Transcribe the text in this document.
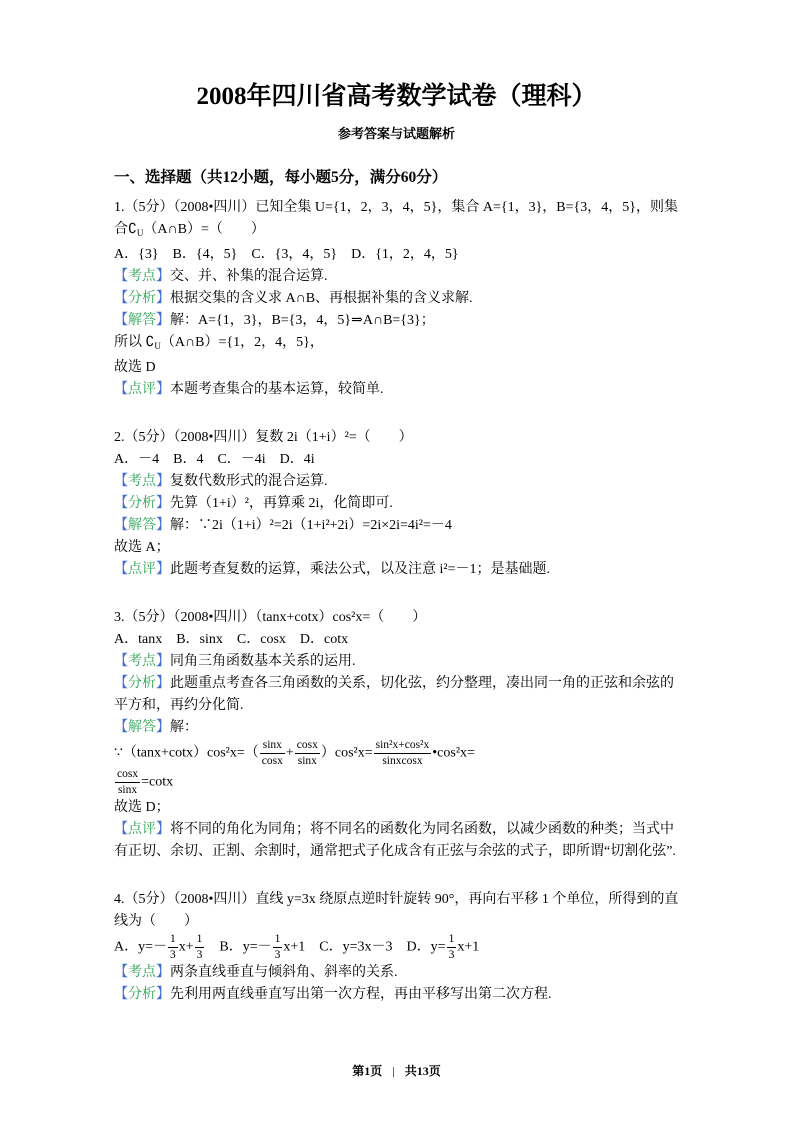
2008年四川省高考数学试卷（理科）
参考答案与试题解析
一、选择题（共12小题，每小题5分，满分60分）

1.（5分）（2008•四川）已知全集 U={1，2，3，4，5}，集合 A={1，3}，B={3，4，5}，则集合$∁_U(A\cap B)=$（　　）

A．{3}　B．{4，5}　C．{3，4，5}　D．{1，2，4，5}

【考点】交、并、补集的混合运算.

【分析】根据交集的含义求 A∩B、再根据补集的含义求解.

【解答】解：A={1，3}，B={3，4，5}⇒A∩B={3}；

所以 $∁_U(A\cap B)=\{1$，2，4，5}，

故选 D

【点评】本题考查集合的基本运算，较简单.

2.（5分）（2008•四川）复数 2i（1+i）²=（　　）

A．－4　B．4　C．－4i　D．4i

【考点】复数代数形式的混合运算.

【分析】先算（1+i）²，再算乘 2i，化简即可.

【解答】解：∵2i（1+i）²=2i（1+i²+2i）=2i×2i=4i²=－4

故选 A；

【点评】此题考查复数的运算，乘法公式，以及注意 i²=－1；是基础题.

3.（5分）（2008•四川）（tanx+cotx）cos²x=（　　）

A．tanx　B．sinx　C．cosx　D．cotx

【考点】同角三角函数基本关系的运用.

【分析】此题重点考查各三角函数的关系，切化弦，约分整理，凑出同一角的正弦和余弦的平方和，再约分化简.

【解答】解：

∵（tanx+cotx）cos²x=（ $\frac{\sin x}{\cos x} + \frac{\cos x}{\sin x} )\cos^2x= \frac{\text{sin²x+cos²x}}{\text{sinxcosx}}$ •cos²x=

$\frac{\cos x}{\sin x} =\cot x$

故选 D；

【点评】将不同的角化为同角；将不同名的函数化为同名函数，以减少函数的种类；当式中有正切、余切、正割、余割时，通常把式子化成含有正弦与余弦的式子，即所谓“切割化弦”.

4.（5分）（2008•四川）直线 y=3x 绕原点逆时针旋转 90°，再向右平移 1 个单位，所得到的直线为（　　）

A．$y=- \frac{1}{3} x+ \frac{1}{3}$ 　B．$y=- \frac{1}{3} x+1$　C．y=3x－3　D．$y= \frac{1}{3} x+1$

【考点】两条直线垂直与倾斜角、斜率的关系.

【分析】先利用两直线垂直写出第一次方程，再由平移写出第二次方程.

第1页 | 共13页
